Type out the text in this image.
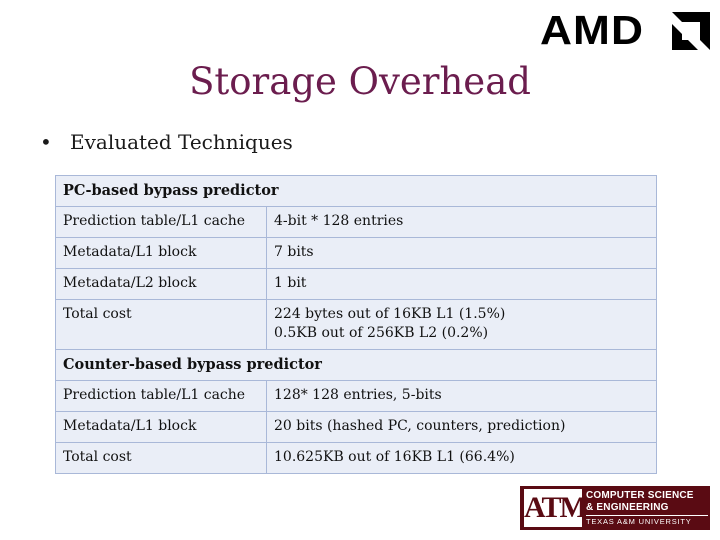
AMD
Storage Overhead
• Evaluated Techniques
PC-based bypass predictor	
Prediction table/L1 cache	4-bit * 128 entries
Metadata/L1 block	7 bits
Metadata/L2 block	1 bit
Total cost	224 bytes out of 16KB L1 (1.5%)
0.5KB out of 256KB L2 (0.2%)

Counter-based bypass predictor	
Prediction table/L1 cache	128* 128 entries, 5-bits
Metadata/L1 block	20 bits (hashed PC, counters, prediction)
Total cost	10.625KB out of 16KB L1 (66.4%)
ATM COMPUTER SCIENCE
& ENGINEERING
TEXAS A&M UNIVERSITY
